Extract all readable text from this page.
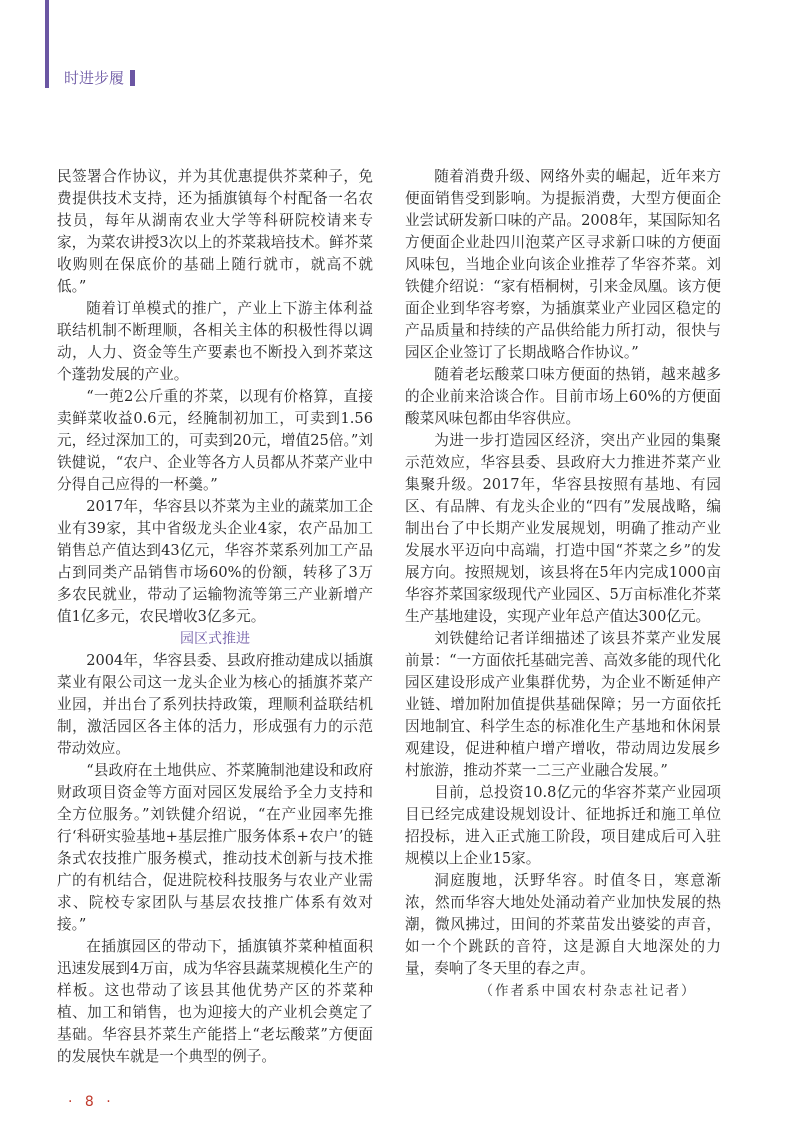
时进步履

民签署合作协议，并为其优惠提供芥菜种子，免费提供技术支持，还为插旗镇每个村配备一名农技员，每年从湖南农业大学等科研院校请来专家，为菜农讲授3次以上的芥菜栽培技术。鲜芥菜收购则在保底价的基础上随行就市，就高不就低。”

随着订单模式的推广，产业上下游主体利益联结机制不断理顺，各相关主体的积极性得以调动，人力、资金等生产要素也不断投入到芥菜这个蓬勃发展的产业。

“一蔸2公斤重的芥菜，以现有价格算，直接卖鲜菜收益0.6元，经腌制初加工，可卖到1.56元，经过深加工的，可卖到20元，增值25倍。”刘铁健说，“农户、企业等各方人员都从芥菜产业中分得自己应得的一杯羹。”

2017年，华容县以芥菜为主业的蔬菜加工企业有39家，其中省级龙头企业4家，农产品加工销售总产值达到43亿元，华容芥菜系列加工产品占到同类产品销售市场60%的份额，转移了3万多农民就业，带动了运输物流等第三产业新增产值1亿多元，农民增收3亿多元。

园区式推进

2004年，华容县委、县政府推动建成以插旗菜业有限公司这一龙头企业为核心的插旗芥菜产业园，并出台了系列扶持政策，理顺利益联结机制，激活园区各主体的活力，形成强有力的示范带动效应。

“县政府在土地供应、芥菜腌制池建设和政府财政项目资金等方面对园区发展给予全力支持和全方位服务。”刘铁健介绍说，“在产业园率先推行‘科研实验基地+基层推广服务体系+农户’的链条式农技推广服务模式，推动技术创新与技术推广的有机结合，促进院校科技服务与农业产业需求、院校专家团队与基层农技推广体系有效对接。”

在插旗园区的带动下，插旗镇芥菜种植面积迅速发展到4万亩，成为华容县蔬菜规模化生产的样板。这也带动了该县其他优势产区的芥菜种植、加工和销售，也为迎接大的产业机会奠定了基础。华容县芥菜生产能搭上“老坛酸菜”方便面的发展快车就是一个典型的例子。

· 8 ·

随着消费升级、网络外卖的崛起，近年来方便面销售受到影响。为提振消费，大型方便面企业尝试研发新口味的产品。2008年，某国际知名方便面企业赴四川泡菜产区寻求新口味的方便面风味包，当地企业向该企业推荐了华容芥菜。刘铁健介绍说：“家有梧桐树，引来金凤凰。该方便面企业到华容考察，为插旗菜业产业园区稳定的产品质量和持续的产品供给能力所打动，很快与园区企业签订了长期战略合作协议。”

随着老坛酸菜口味方便面的热销，越来越多的企业前来洽谈合作。目前市场上60%的方便面酸菜风味包都由华容供应。

为进一步打造园区经济，突出产业园的集聚示范效应，华容县委、县政府大力推进芥菜产业集聚升级。2017年，华容县按照有基地、有园区、有品牌、有龙头企业的“四有”发展战略，编制出台了中长期产业发展规划，明确了推动产业发展水平迈向中高端，打造中国“芥菜之乡”的发展方向。按照规划，该县将在5年内完成1000亩华容芥菜国家级现代产业园区、5万亩标准化芥菜生产基地建设，实现产业年总产值达300亿元。

刘铁健给记者详细描述了该县芥菜产业发展前景：“一方面依托基础完善、高效多能的现代化园区建设形成产业集群优势，为企业不断延伸产业链、增加附加值提供基础保障；另一方面依托因地制宜、科学生态的标准化生产基地和休闲景观建设，促进种植户增产增收，带动周边发展乡村旅游，推动芥菜一二三产业融合发展。”

目前，总投资10.8亿元的华容芥菜产业园项目已经完成建设规划设计、征地拆迁和施工单位招投标，进入正式施工阶段，项目建成后可入驻规模以上企业15家。

洞庭腹地，沃野华容。时值冬日，寒意渐浓，然而华容大地处处涌动着产业加快发展的热潮，微风拂过，田间的芥菜苗发出婆娑的声音，如一个个跳跃的音符，这是源自大地深处的力量，奏响了冬天里的春之声。

（作者系中国农村杂志社记者）
